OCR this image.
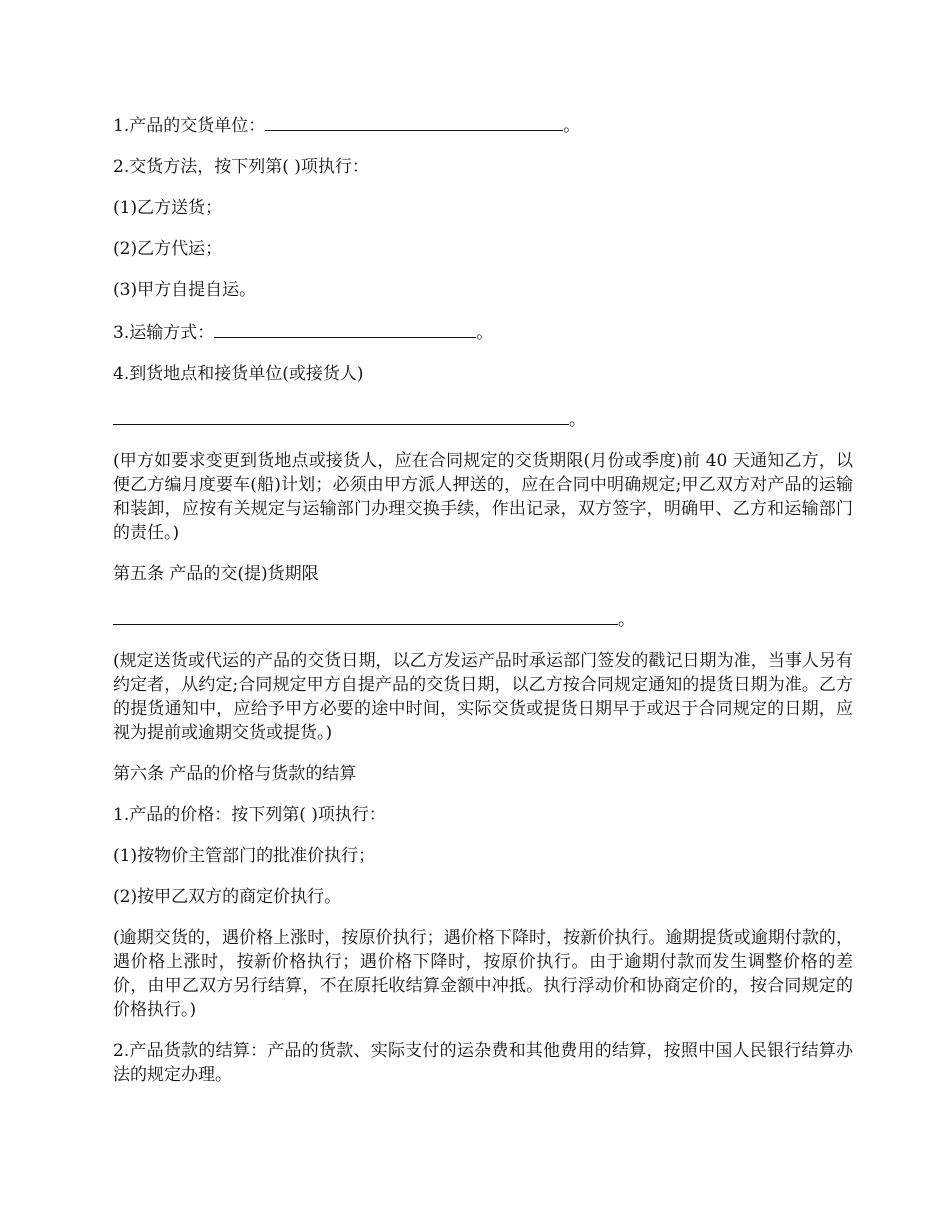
1.产品的交货单位：	。
2.交货方法，按下列第( )项执行：
(1)乙方送货；
(2)乙方代运；
(3)甲方自提自运。
3.运输方式：	。
4.到货地点和接货单位(或接货人)
。
(甲方如要求变更到货地点或接货人，应在合同规定的交货期限(月份或季度)前 40 天通知乙方，以便乙方编月度要车(船)计划；必须由甲方派人押送的，应在合同中明确规定;甲乙双方对产品的运输和装卸，应按有关规定与运输部门办理交换手续，作出记录，双方签字，明确甲、乙方和运输部门的责任。)
第五条 产品的交(提)货期限
。
(规定送货或代运的产品的交货日期，以乙方发运产品时承运部门签发的戳记日期为准，当事人另有约定者，从约定;合同规定甲方自提产品的交货日期，以乙方按合同规定通知的提货日期为准。乙方的提货通知中，应给予甲方必要的途中时间，实际交货或提货日期早于或迟于合同规定的日期，应视为提前或逾期交货或提货。)
第六条 产品的价格与货款的结算
1.产品的价格：按下列第( )项执行：
(1)按物价主管部门的批准价执行；
(2)按甲乙双方的商定价执行。
(逾期交货的，遇价格上涨时，按原价执行；遇价格下降时，按新价执行。逾期提货或逾期付款的，遇价格上涨时，按新价格执行；遇价格下降时，按原价执行。由于逾期付款而发生调整价格的差价，由甲乙双方另行结算，不在原托收结算金额中冲抵。执行浮动价和协商定价的，按合同规定的价格执行。)
2.产品货款的结算：产品的货款、实际支付的运杂费和其他费用的结算，按照中国人民银行结算办法的规定办理。
